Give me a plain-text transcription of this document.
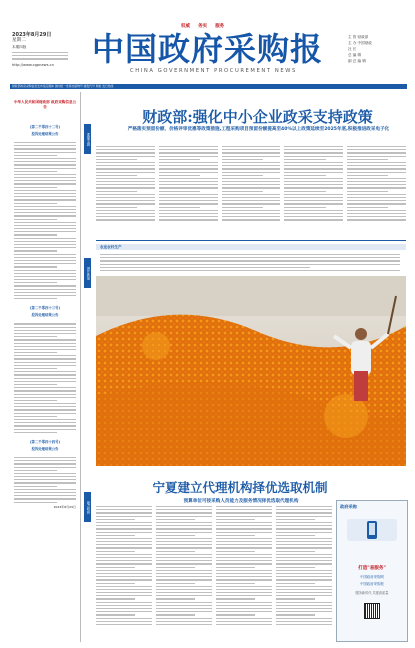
2023年8月29日
星期二
本期四版
http://www.cgpnews.cn
权威 务实 服务
中国政府采购报
CHINA GOVERNMENT PROCUREMENT NEWS
主 管 财政部
主 办 中国财政
社 长
总 编 辑
副 总 编 辑
财政部政府采购信息发布指定媒体 国内统一连续出版物号 邮发代号 网址 发行热线
中华人民共和国财政部 政府采购信息公告
(第二千零四十二号)
投诉处理结果公告
(第二千零四十三号)
投诉处理结果公告
(第二千零四十四号)
投诉处理结果公告
2023年8月29日
要闻专题
图片新闻
地方政府
财政部:强化中小企业政采支持政策
严格落实预留份额、价格评审优惠等政策措施,工程采购项目预留份额提高至40%以上政策延续至2025年底,积极推进政采电子化
农业农村生产
宁夏建立代理机构择优选取机制
预算单位可按采购人员能力及服务情况择优选取代理机构
政府采购
打造"易服务"
中国政府采购网
中国政府采购报
服务新时代 共建高质量
